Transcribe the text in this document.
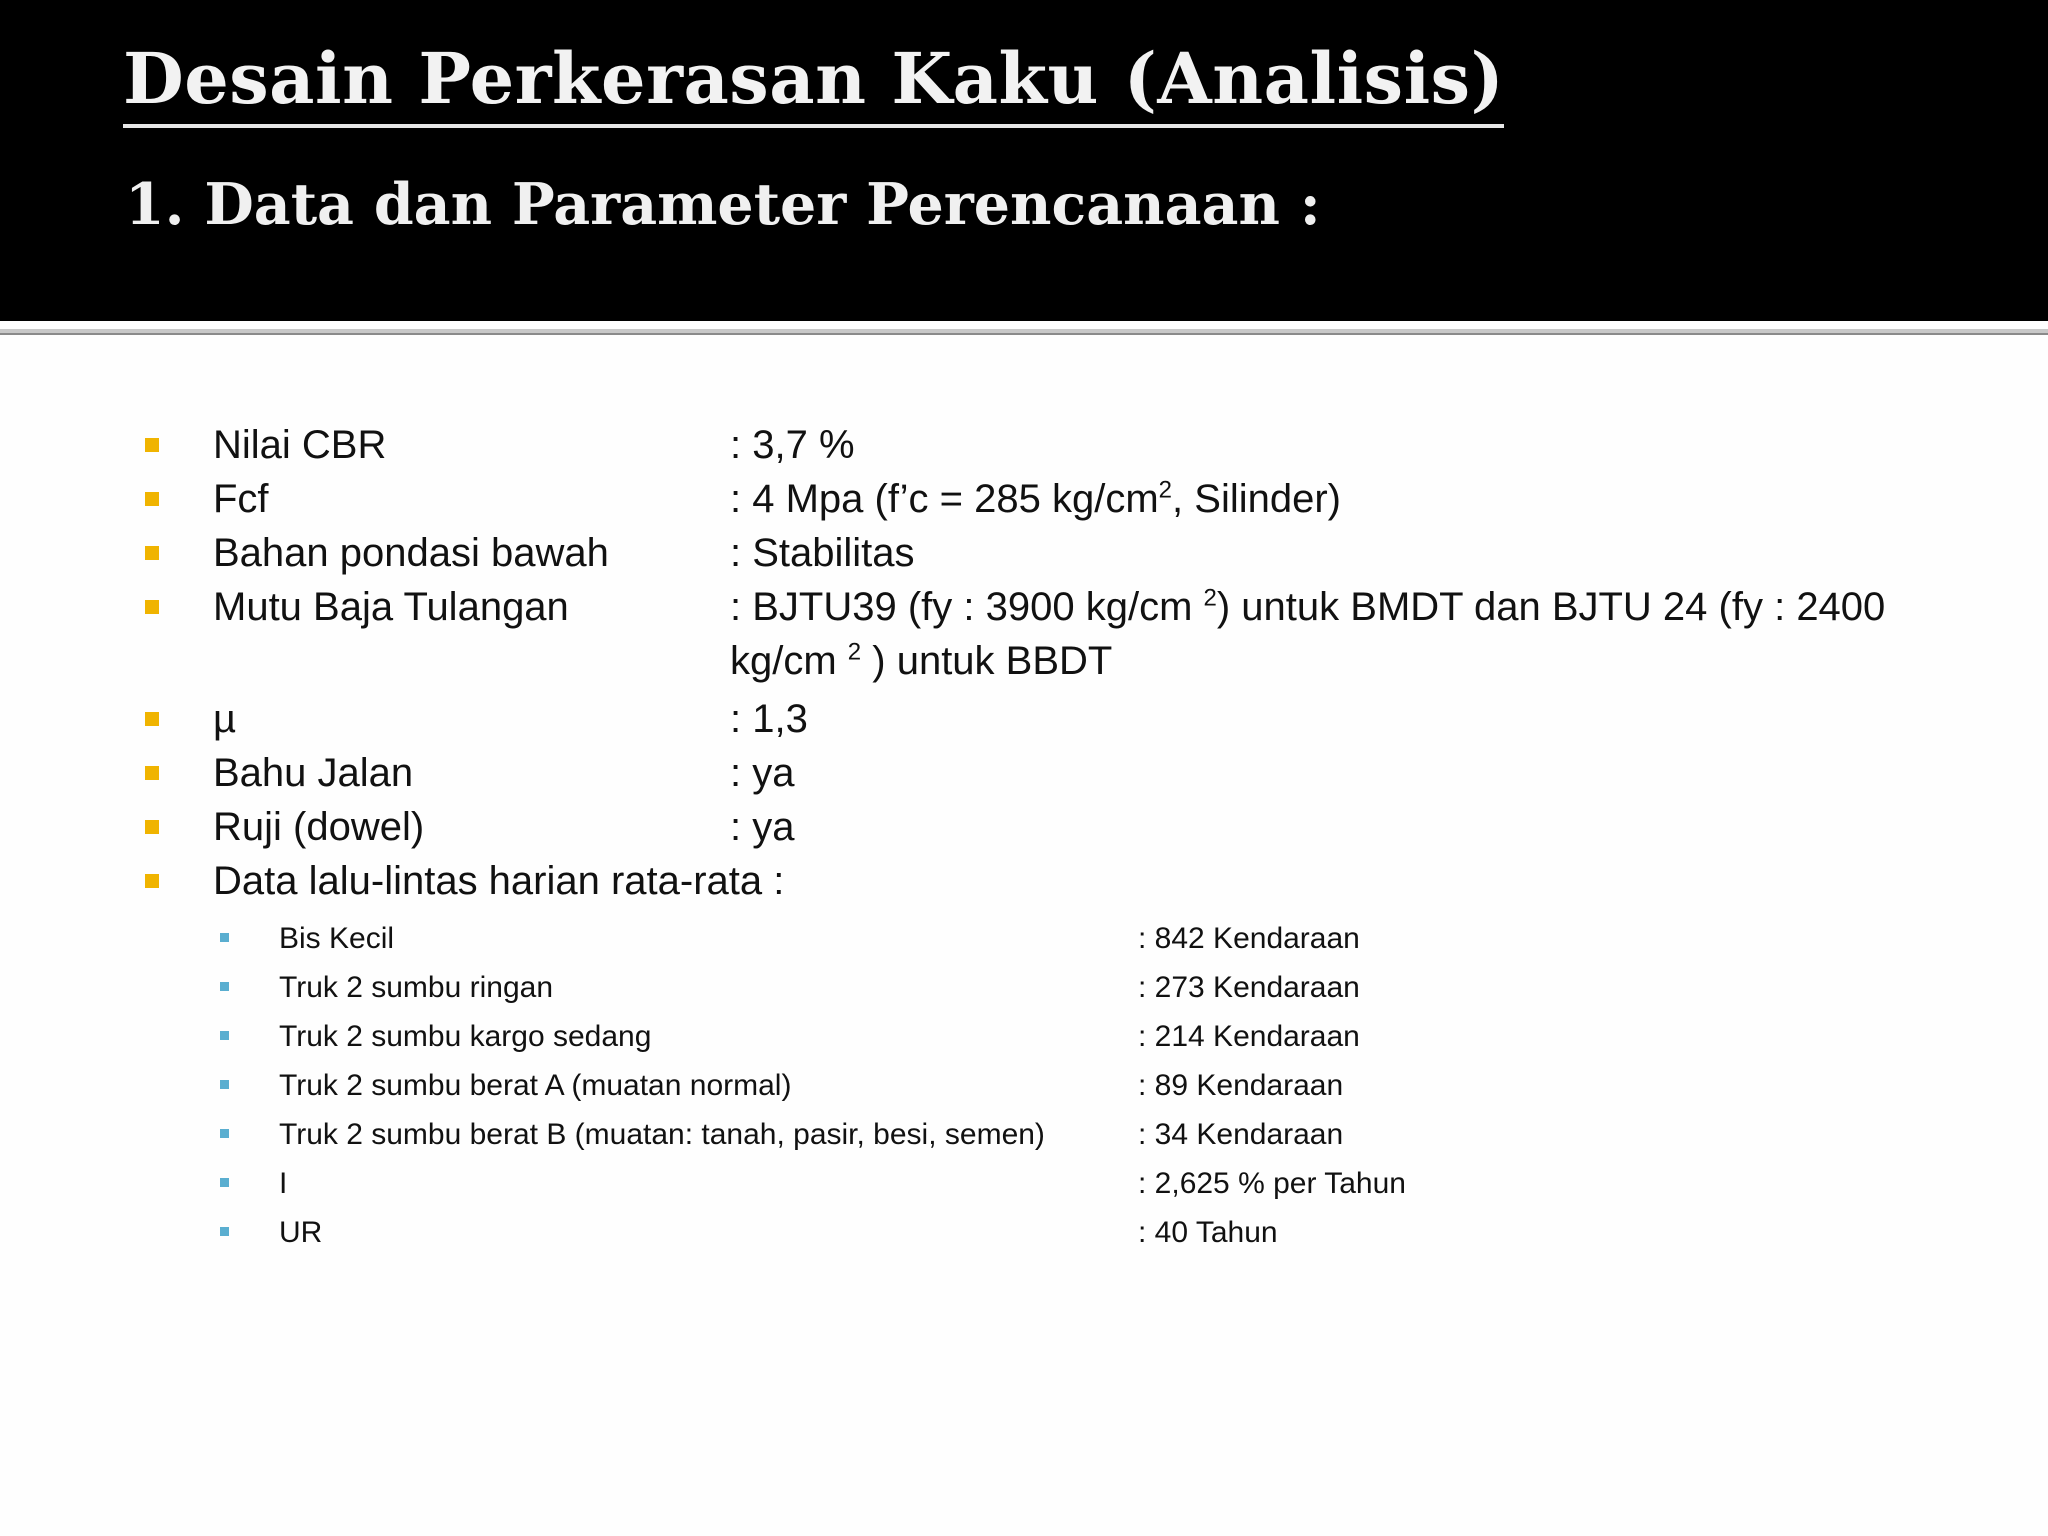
Desain Perkerasan Kaku (Analisis)
1. Data dan Parameter Perencanaan :
Nilai CBR	: 3,7 %
Fcf	: 4 Mpa (f’c = 285 $kg/cm^2$, Silinder)
Bahan pondasi bawah	: Stabilitas
Mutu Baja Tulangan	: BJTU39 (fy : 3900 kg/cm $^2$) untuk BMDT dan BJTU 24 (fy : 2400 kg/cm $^2$ ) untuk BBDT
µ	: 1,3
Bahu Jalan	: ya
Ruji (dowel)	: ya
Data lalu-lintas harian rata-rata :
Bis Kecil	: 842 Kendaraan
Truk 2 sumbu ringan	: 273 Kendaraan
Truk 2 sumbu kargo sedang	: 214 Kendaraan
Truk 2 sumbu berat A (muatan normal)	: 89 Kendaraan
Truk 2 sumbu berat B (muatan: tanah, pasir, besi, semen)	: 34 Kendaraan
I	: 2,625 % per Tahun
UR	: 40 Tahun
